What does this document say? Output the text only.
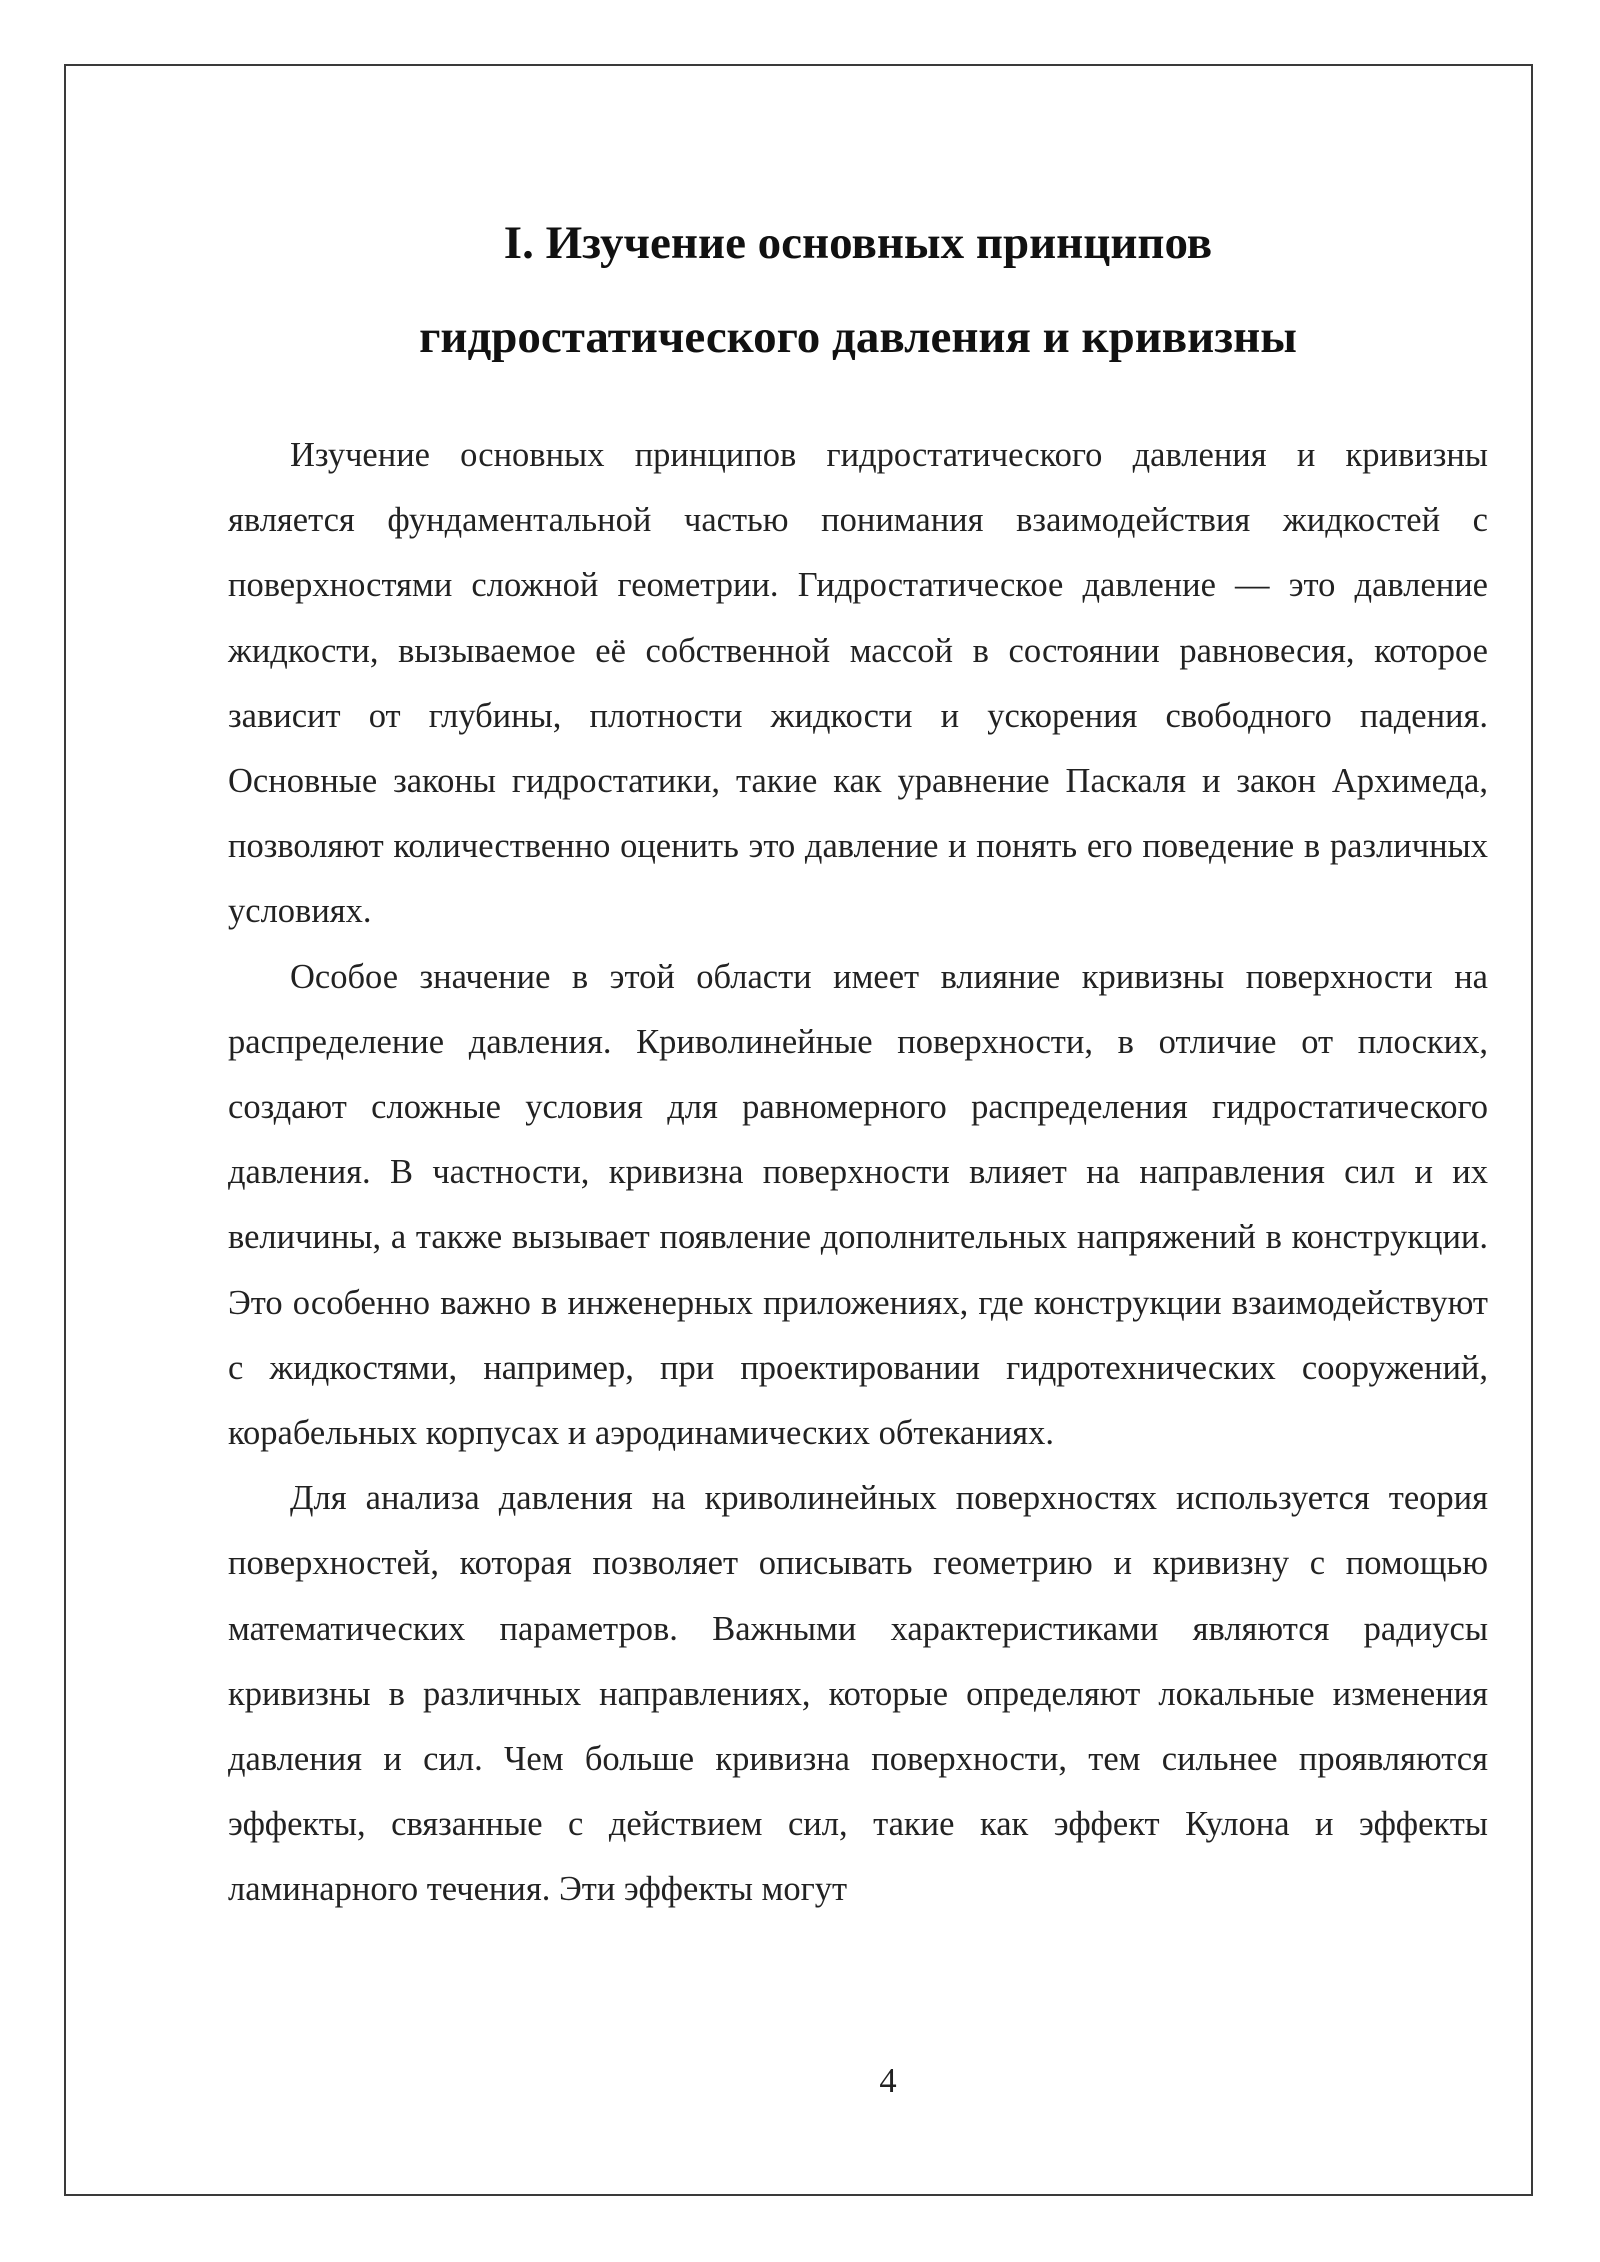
I. Изучение основных принципов
гидростатического давления и кривизны

Изучение основных принципов гидростатического давления и кривизны является фундаментальной частью понимания взаимодействия жидкостей с поверхностями сложной геометрии. Гидростатическое давление — это давление жидкости, вызываемое её собственной массой в состоянии равновесия, которое зависит от глубины, плотности жидкости и ускорения свободного падения. Основные законы гидростатики, такие как уравнение Паскаля и закон Архимеда, позволяют количественно оценить это давление и понять его поведение в различных условиях.

Особое значение в этой области имеет влияние кривизны поверхности на распределение давления. Криволинейные поверхности, в отличие от плоских, создают сложные условия для равномерного распределения гидростатического давления. В частности, кривизна поверхности влияет на направления сил и их величины, а также вызывает появление дополнительных напряжений в конструкции. Это особенно важно в инженерных приложениях, где конструкции взаимодействуют с жидкостями, например, при проектировании гидротехнических сооружений, корабельных корпусах и аэродинамических обтеканиях.

Для анализа давления на криволинейных поверхностях используется теория поверхностей, которая позволяет описывать геометрию и кривизну с помощью математических параметров. Важными характеристиками являются радиусы кривизны в различных направлениях, которые определяют локальные изменения давления и сил. Чем больше кривизна поверхности, тем сильнее проявляются эффекты, связанные с действием сил, такие как эффект Кулона и эффекты ламинарного течения. Эти эффекты могут

4
